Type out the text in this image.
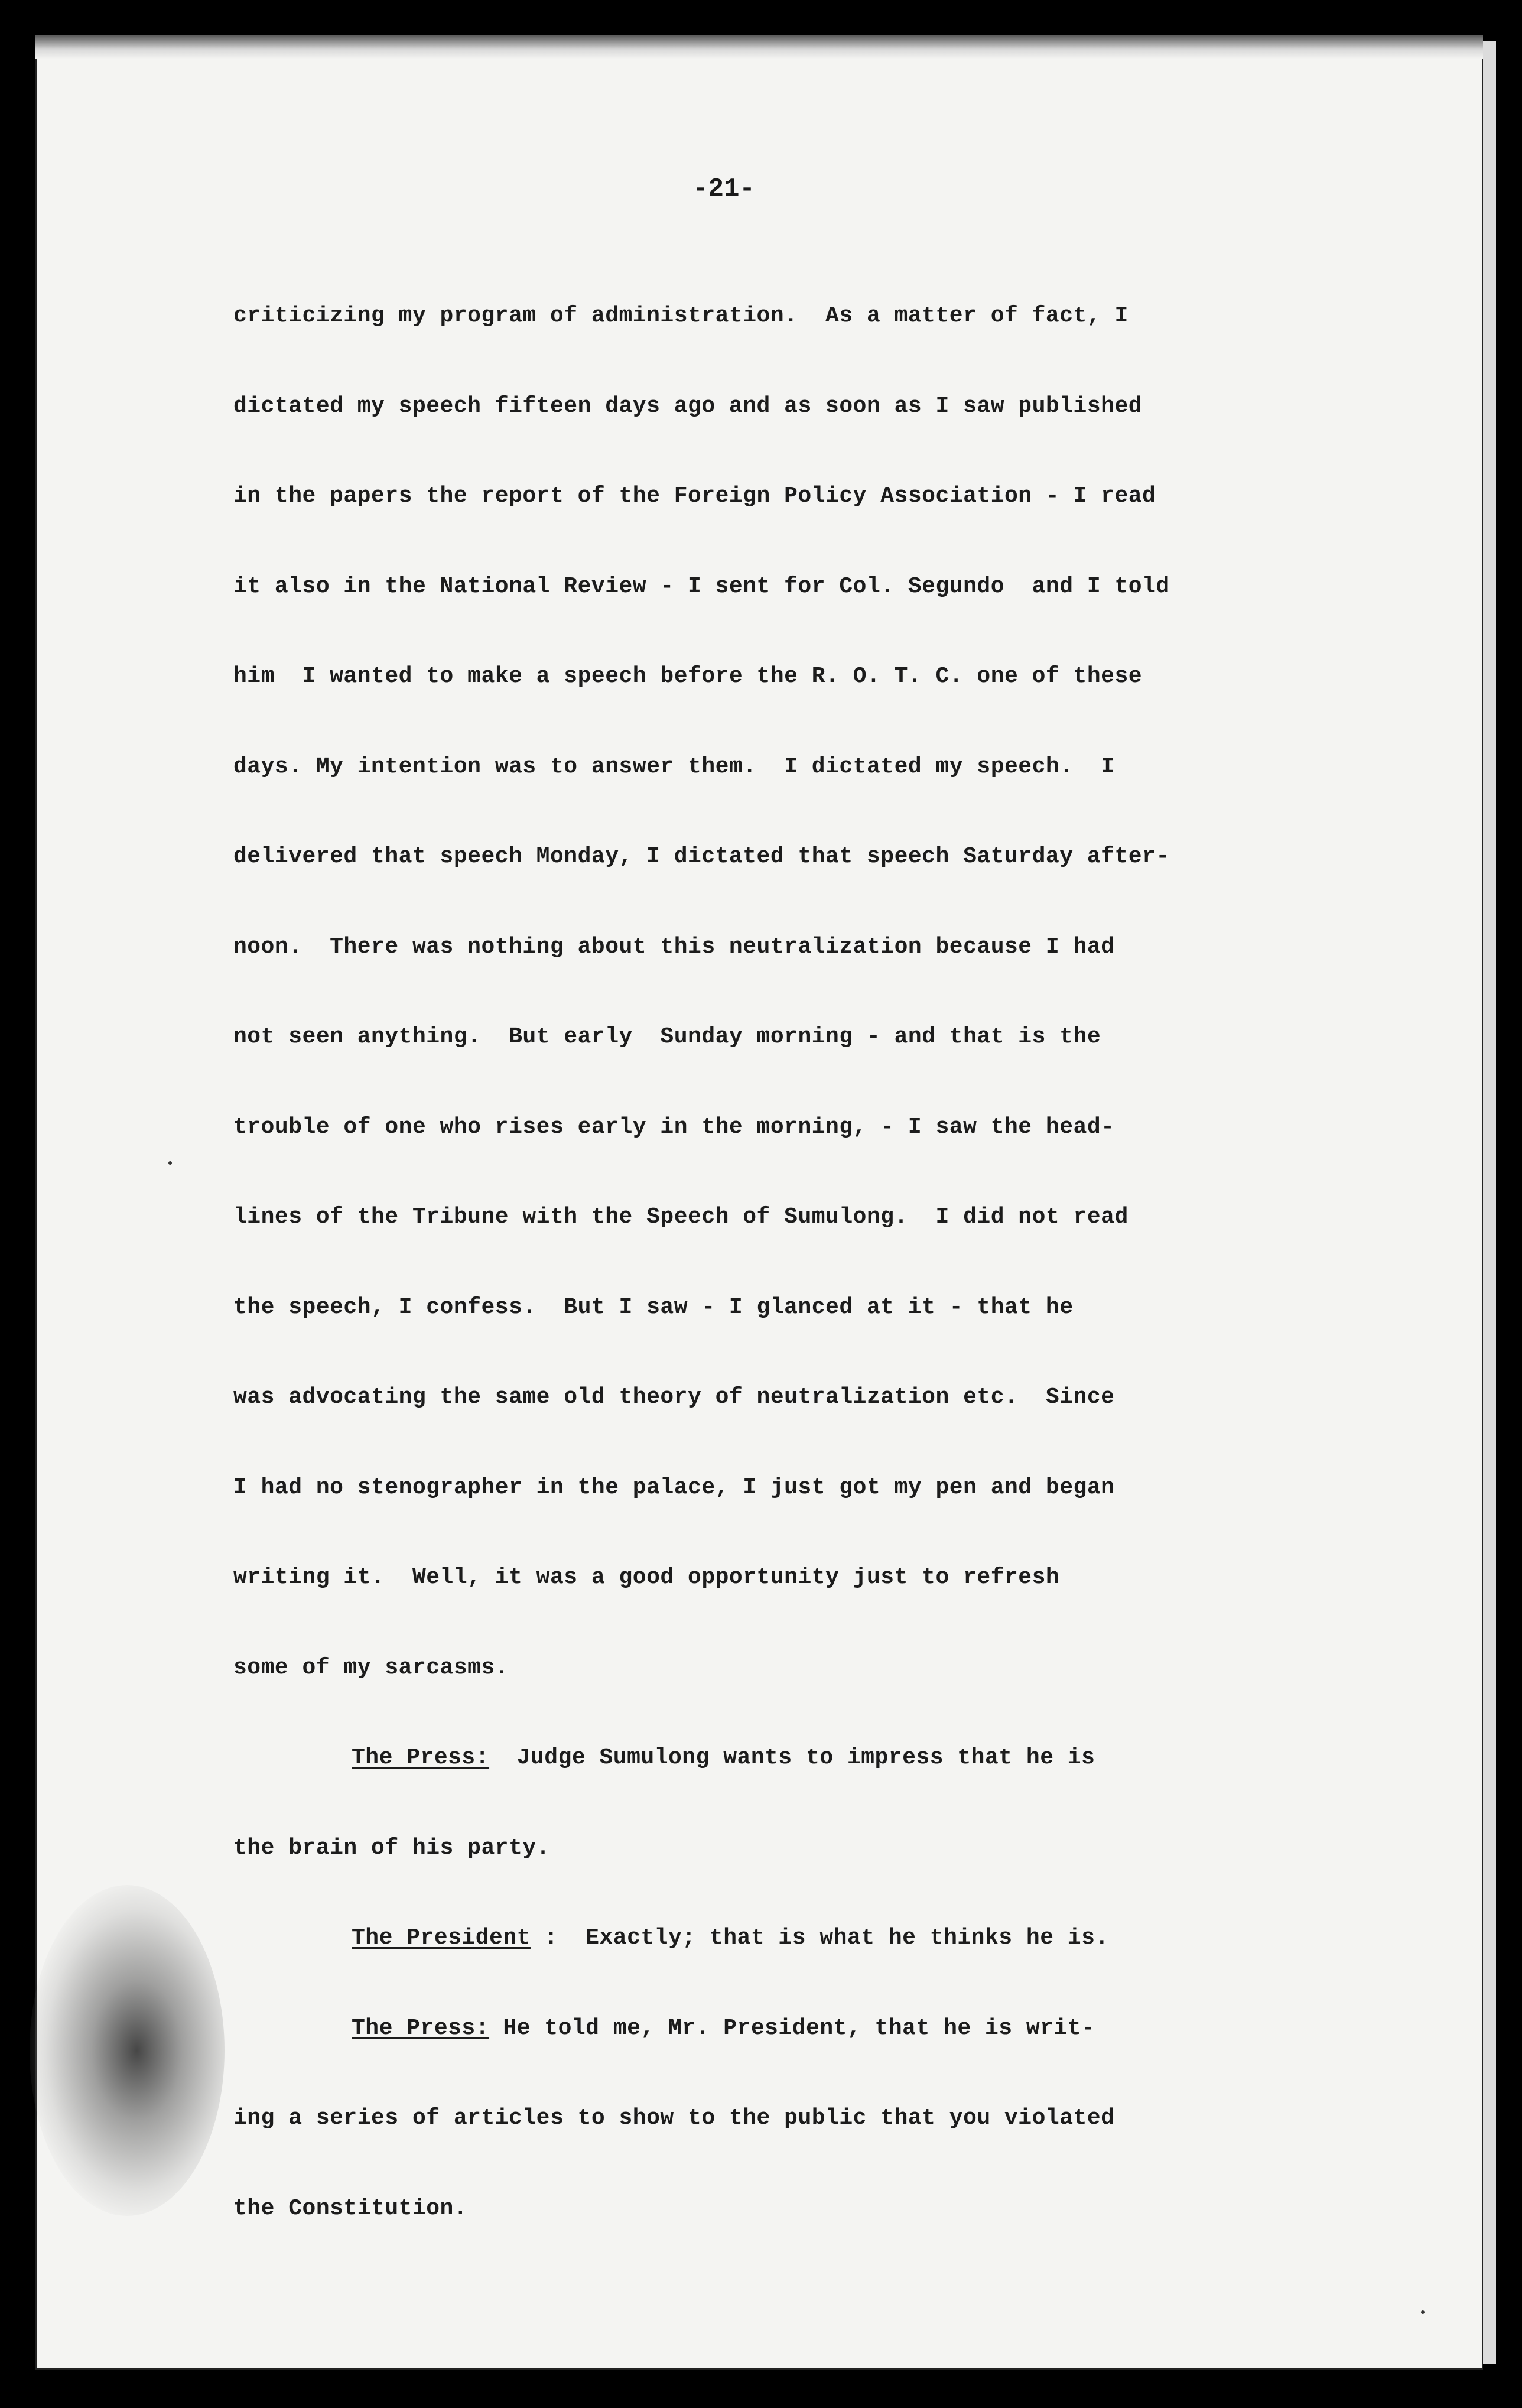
-21-
criticizing my program of administration.  As a matter of fact, I
dictated my speech fifteen days ago and as soon as I saw published
in the papers the report of the Foreign Policy Association - I read
it also in the National Review - I sent for Col. Segundo  and I told
him  I wanted to make a speech before the R. O. T. C. one of these
days. My intention was to answer them.  I dictated my speech.  I
delivered that speech Monday, I dictated that speech Saturday after-
noon.  There was nothing about this neutralization because I had
not seen anything.  But early  Sunday morning - and that is the
trouble of one who rises early in the morning, - I saw the head-
lines of the Tribune with the Speech of Sumulong.  I did not read
the speech, I confess.  But I saw - I glanced at it - that he
was advocating the same old theory of neutralization etc.  Since
I had no stenographer in the palace, I just got my pen and began
writing it.  Well, it was a good opportunity just to refresh
some of my sarcasms.
The Press:  Judge Sumulong wants to impress that he is
the brain of his party.
The President :  Exactly; that is what he thinks he is.
The Press: He told me, Mr. President, that he is writ-
ing a series of articles to show to the public that you violated
the Constitution.
